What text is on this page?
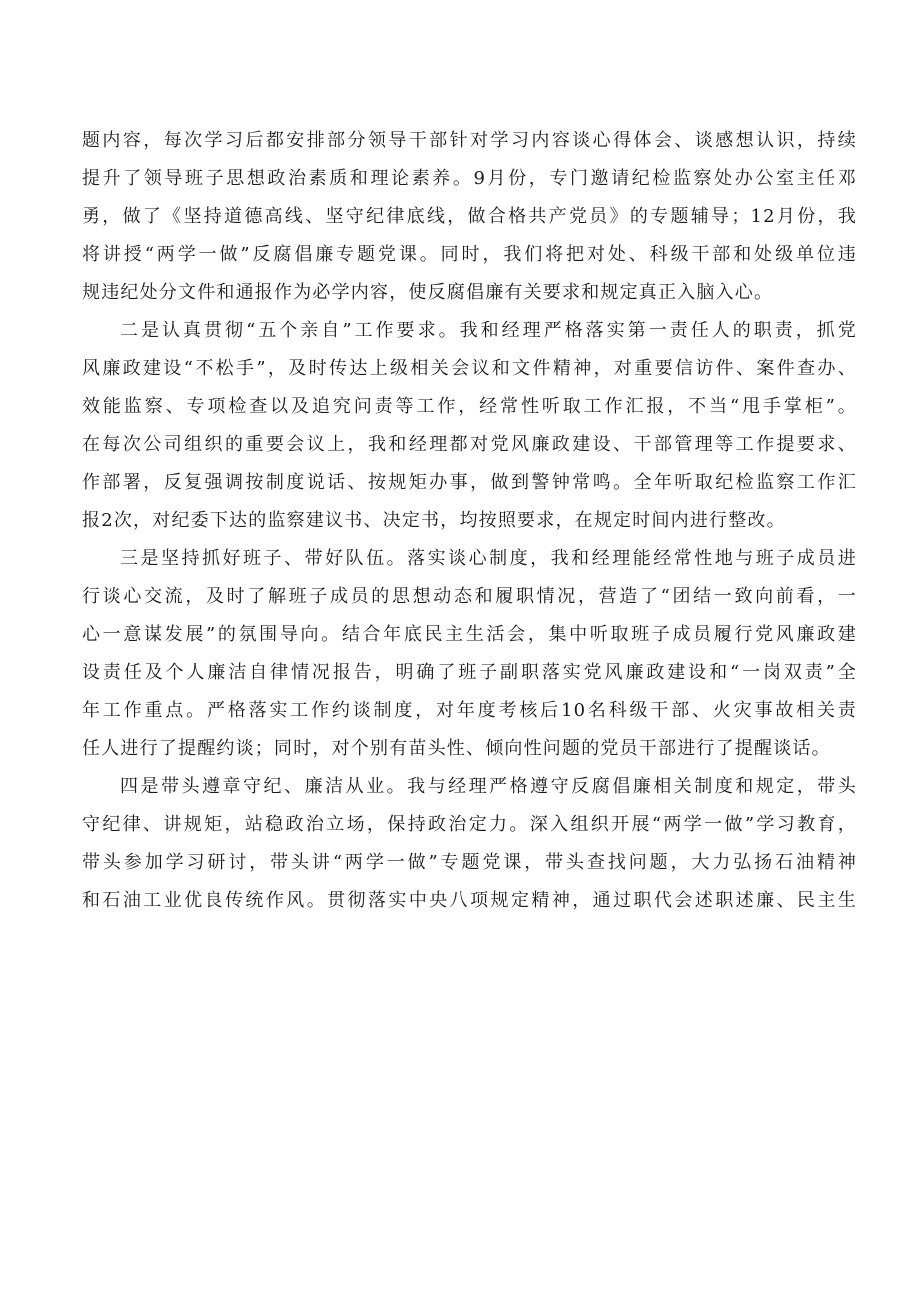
题内容，每次学习后都安排部分领导干部针对学习内容谈心得体会、谈感想认识，持续
提升了领导班子思想政治素质和理论素养。9月份，专门邀请纪检监察处办公室主任邓
勇，做了《坚持道德高线、坚守纪律底线，做合格共产党员》的专题辅导；12月份，我
将讲授“两学一做”反腐倡廉专题党课。同时，我们将把对处、科级干部和处级单位违
规违纪处分文件和通报作为必学内容，使反腐倡廉有关要求和规定真正入脑入心。
二是认真贯彻“五个亲自”工作要求。我和经理严格落实第一责任人的职责，抓党
风廉政建设“不松手”，及时传达上级相关会议和文件精神，对重要信访件、案件查办、
效能监察、专项检查以及追究问责等工作，经常性听取工作汇报，不当“甩手掌柜”。
在每次公司组织的重要会议上，我和经理都对党风廉政建设、干部管理等工作提要求、
作部署，反复强调按制度说话、按规矩办事，做到警钟常鸣。全年听取纪检监察工作汇
报2次，对纪委下达的监察建议书、决定书，均按照要求，在规定时间内进行整改。
三是坚持抓好班子、带好队伍。落实谈心制度，我和经理能经常性地与班子成员进
行谈心交流，及时了解班子成员的思想动态和履职情况，营造了“团结一致向前看，一
心一意谋发展”的氛围导向。结合年底民主生活会，集中听取班子成员履行党风廉政建
设责任及个人廉洁自律情况报告，明确了班子副职落实党风廉政建设和“一岗双责”全
年工作重点。严格落实工作约谈制度，对年度考核后10名科级干部、火灾事故相关责
任人进行了提醒约谈；同时，对个别有苗头性、倾向性问题的党员干部进行了提醒谈话。
四是带头遵章守纪、廉洁从业。我与经理严格遵守反腐倡廉相关制度和规定，带头
守纪律、讲规矩，站稳政治立场，保持政治定力。深入组织开展“两学一做”学习教育，
带头参加学习研讨，带头讲“两学一做”专题党课，带头查找问题，大力弘扬石油精神
和石油工业优良传统作风。贯彻落实中央八项规定精神，通过职代会述职述廉、民主生
